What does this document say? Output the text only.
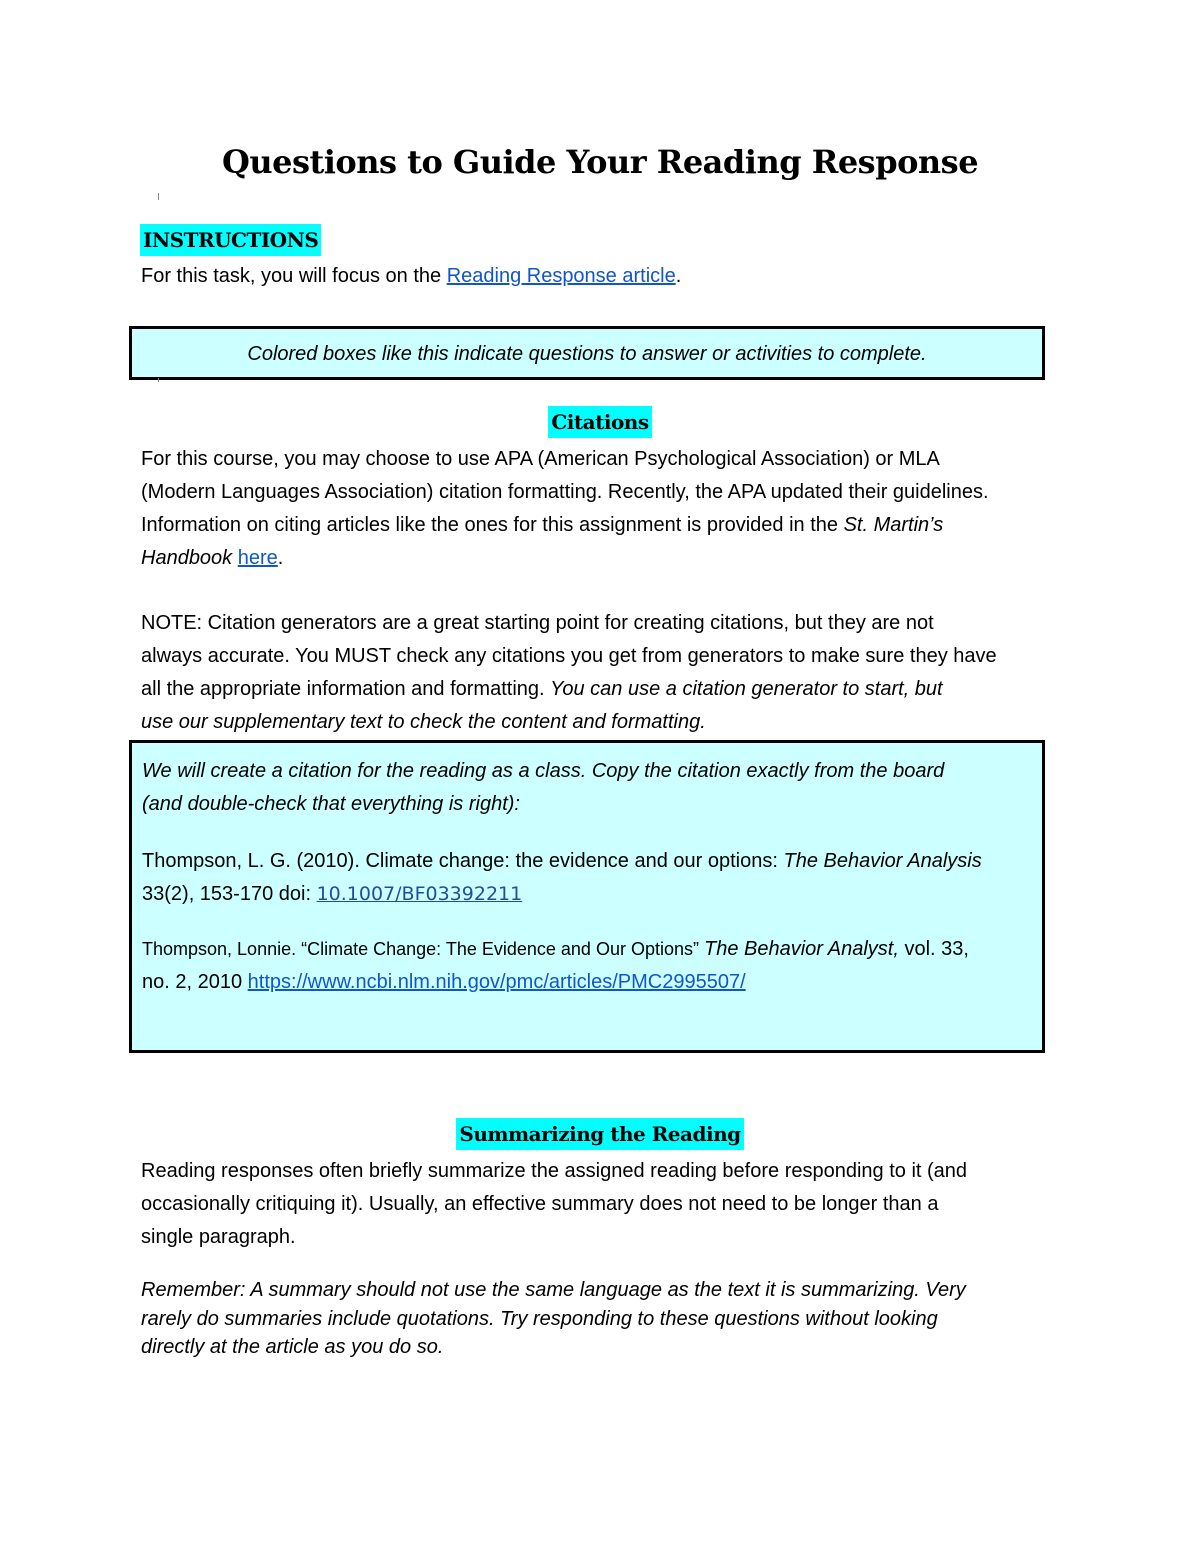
Questions to Guide Your Reading Response
INSTRUCTIONS
For this task, you will focus on the Reading Response article.
Colored boxes like this indicate questions to answer or activities to complete.
Citations
For this course, you may choose to use APA (American Psychological Association) or MLA
(Modern Languages Association) citation formatting. Recently, the APA updated their guidelines.
Information on citing articles like the ones for this assignment is provided in the St. Martin’s
Handbook here.
NOTE: Citation generators are a great starting point for creating citations, but they are not
always accurate. You MUST check any citations you get from generators to make sure they have
all the appropriate information and formatting. You can use a citation generator to start, but
use our supplementary text to check the content and formatting.
We will create a citation for the reading as a class. Copy the citation exactly from the board
(and double-check that everything is right):
Thompson, L. G. (2010). Climate change: the evidence and our options: The Behavior Analysis
33(2), 153-170 doi: 10.1007/BF03392211
Thompson, Lonnie. “Climate Change: The Evidence and Our Options” The Behavior Analyst, vol. 33,
no. 2, 2010 https://www.ncbi.nlm.nih.gov/pmc/articles/PMC2995507/
Summarizing the Reading
Reading responses often briefly summarize the assigned reading before responding to it (and
occasionally critiquing it). Usually, an effective summary does not need to be longer than a
single paragraph.
Remember: A summary should not use the same language as the text it is summarizing. Very
rarely do summaries include quotations. Try responding to these questions without looking
directly at the article as you do so.
